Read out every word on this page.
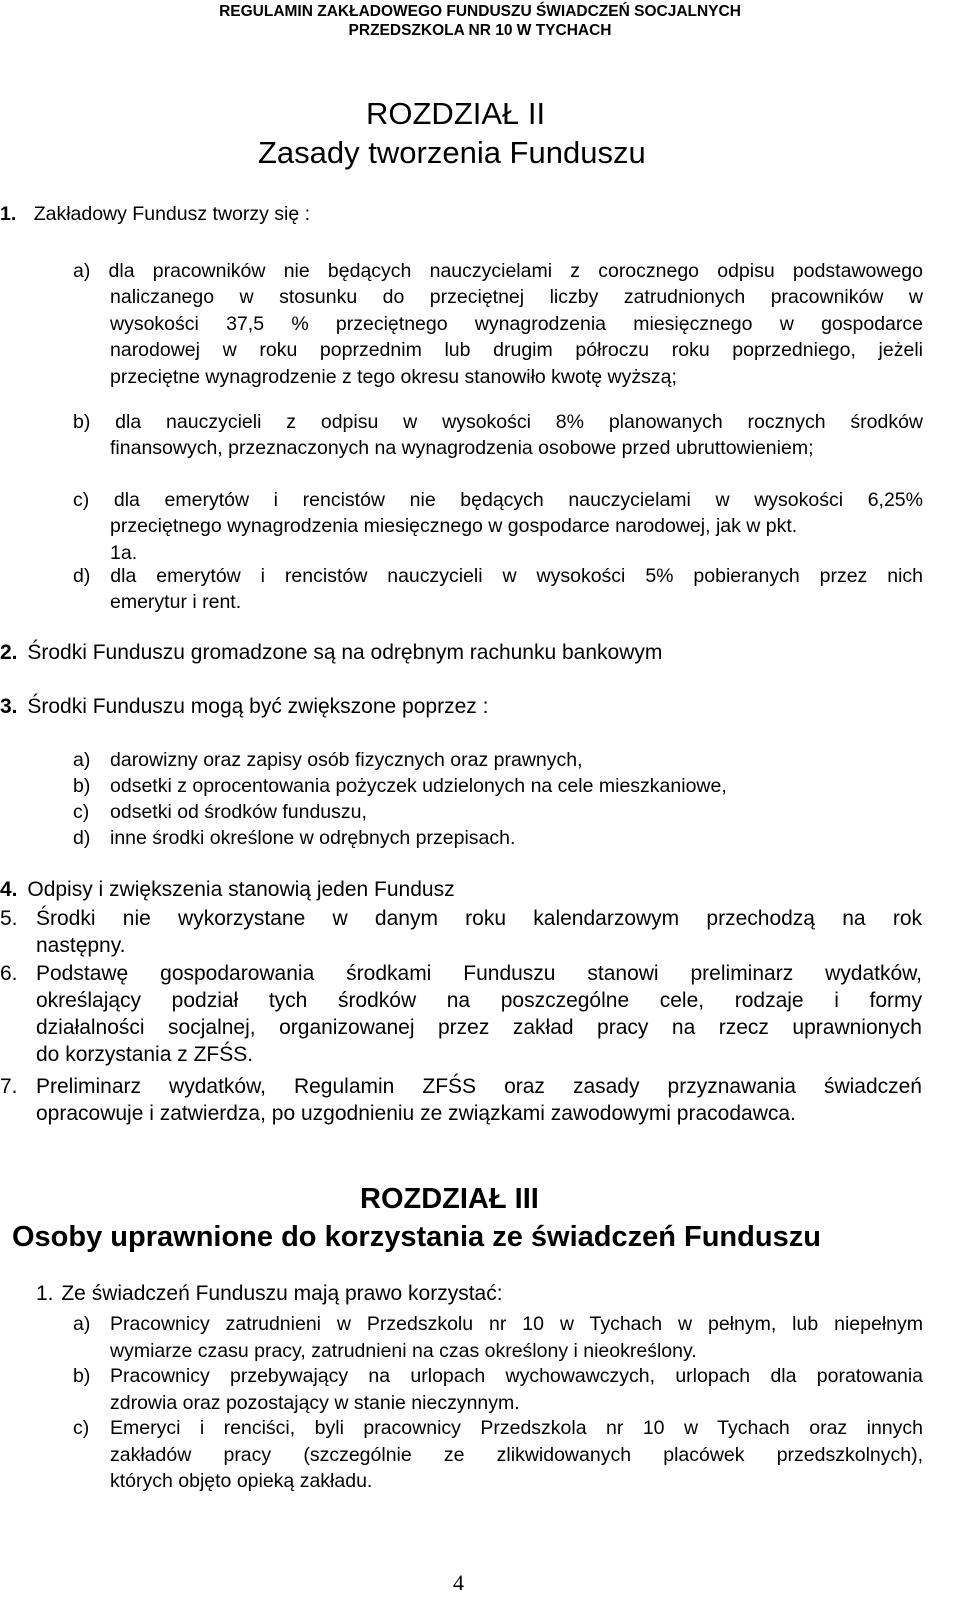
REGULAMIN ZAKŁADOWEGO FUNDUSZU ŚWIADCZEŃ SOCJALNYCH
PRZEDSZKOLA NR 10 W TYCHACH
ROZDZIAŁ II
Zasady tworzenia Funduszu
1. Zakładowy Fundusz tworzy się :
a) dla pracowników nie będących nauczycielami z corocznego odpisu podstawowego
naliczanego w stosunku do przeciętnej liczby zatrudnionych pracowników w
wysokości 37,5 % przeciętnego wynagrodzenia miesięcznego w gospodarce
narodowej w roku poprzednim lub drugim półroczu roku poprzedniego, jeżeli
przeciętne wynagrodzenie z tego okresu stanowiło kwotę wyższą;
b) dla nauczycieli z odpisu w wysokości 8% planowanych rocznych środków
finansowych, przeznaczonych na wynagrodzenia osobowe przed ubruttowieniem;
c) dla emerytów i rencistów nie będących nauczycielami w wysokości 6,25%
przeciętnego wynagrodzenia miesięcznego w gospodarce narodowej, jak w pkt.
1a.
d) dla emerytów i rencistów nauczycieli w wysokości 5% pobieranych przez nich
emerytur i rent.
2. Środki Funduszu gromadzone są na odrębnym rachunku bankowym
3. Środki Funduszu mogą być zwiększone poprzez :
a) darowizny oraz zapisy osób fizycznych oraz prawnych,
b) odsetki z oprocentowania pożyczek udzielonych na cele mieszkaniowe,
c) odsetki od środków funduszu,
d) inne środki określone w odrębnych przepisach.
4. Odpisy i zwiększenia stanowią jeden Fundusz
5. Środki nie wykorzystane w danym roku kalendarzowym przechodzą na rok
następny.
6. Podstawę gospodarowania środkami Funduszu stanowi preliminarz wydatków,
określający podział tych środków na poszczególne cele, rodzaje i formy
działalności socjalnej, organizowanej przez zakład pracy na rzecz uprawnionych
do korzystania z ZFŚS.
7. Preliminarz wydatków, Regulamin ZFŚS oraz zasady przyznawania świadczeń
opracowuje i zatwierdza, po uzgodnieniu ze związkami zawodowymi pracodawca.
ROZDZIAŁ III
Osoby uprawnione do korzystania ze świadczeń Funduszu
1. Ze świadczeń Funduszu mają prawo korzystać:
a) Pracownicy zatrudnieni w Przedszkolu nr 10 w Tychach w pełnym, lub niepełnym
wymiarze czasu pracy, zatrudnieni na czas określony i nieokreślony.
b) Pracownicy przebywający na urlopach wychowawczych, urlopach dla poratowania
zdrowia oraz pozostający w stanie nieczynnym.
c) Emeryci i renciści, byli pracownicy Przedszkola nr 10 w Tychach oraz innych
zakładów pracy (szczególnie ze zlikwidowanych placówek przedszkolnych),
których objęto opieką zakładu.
4
